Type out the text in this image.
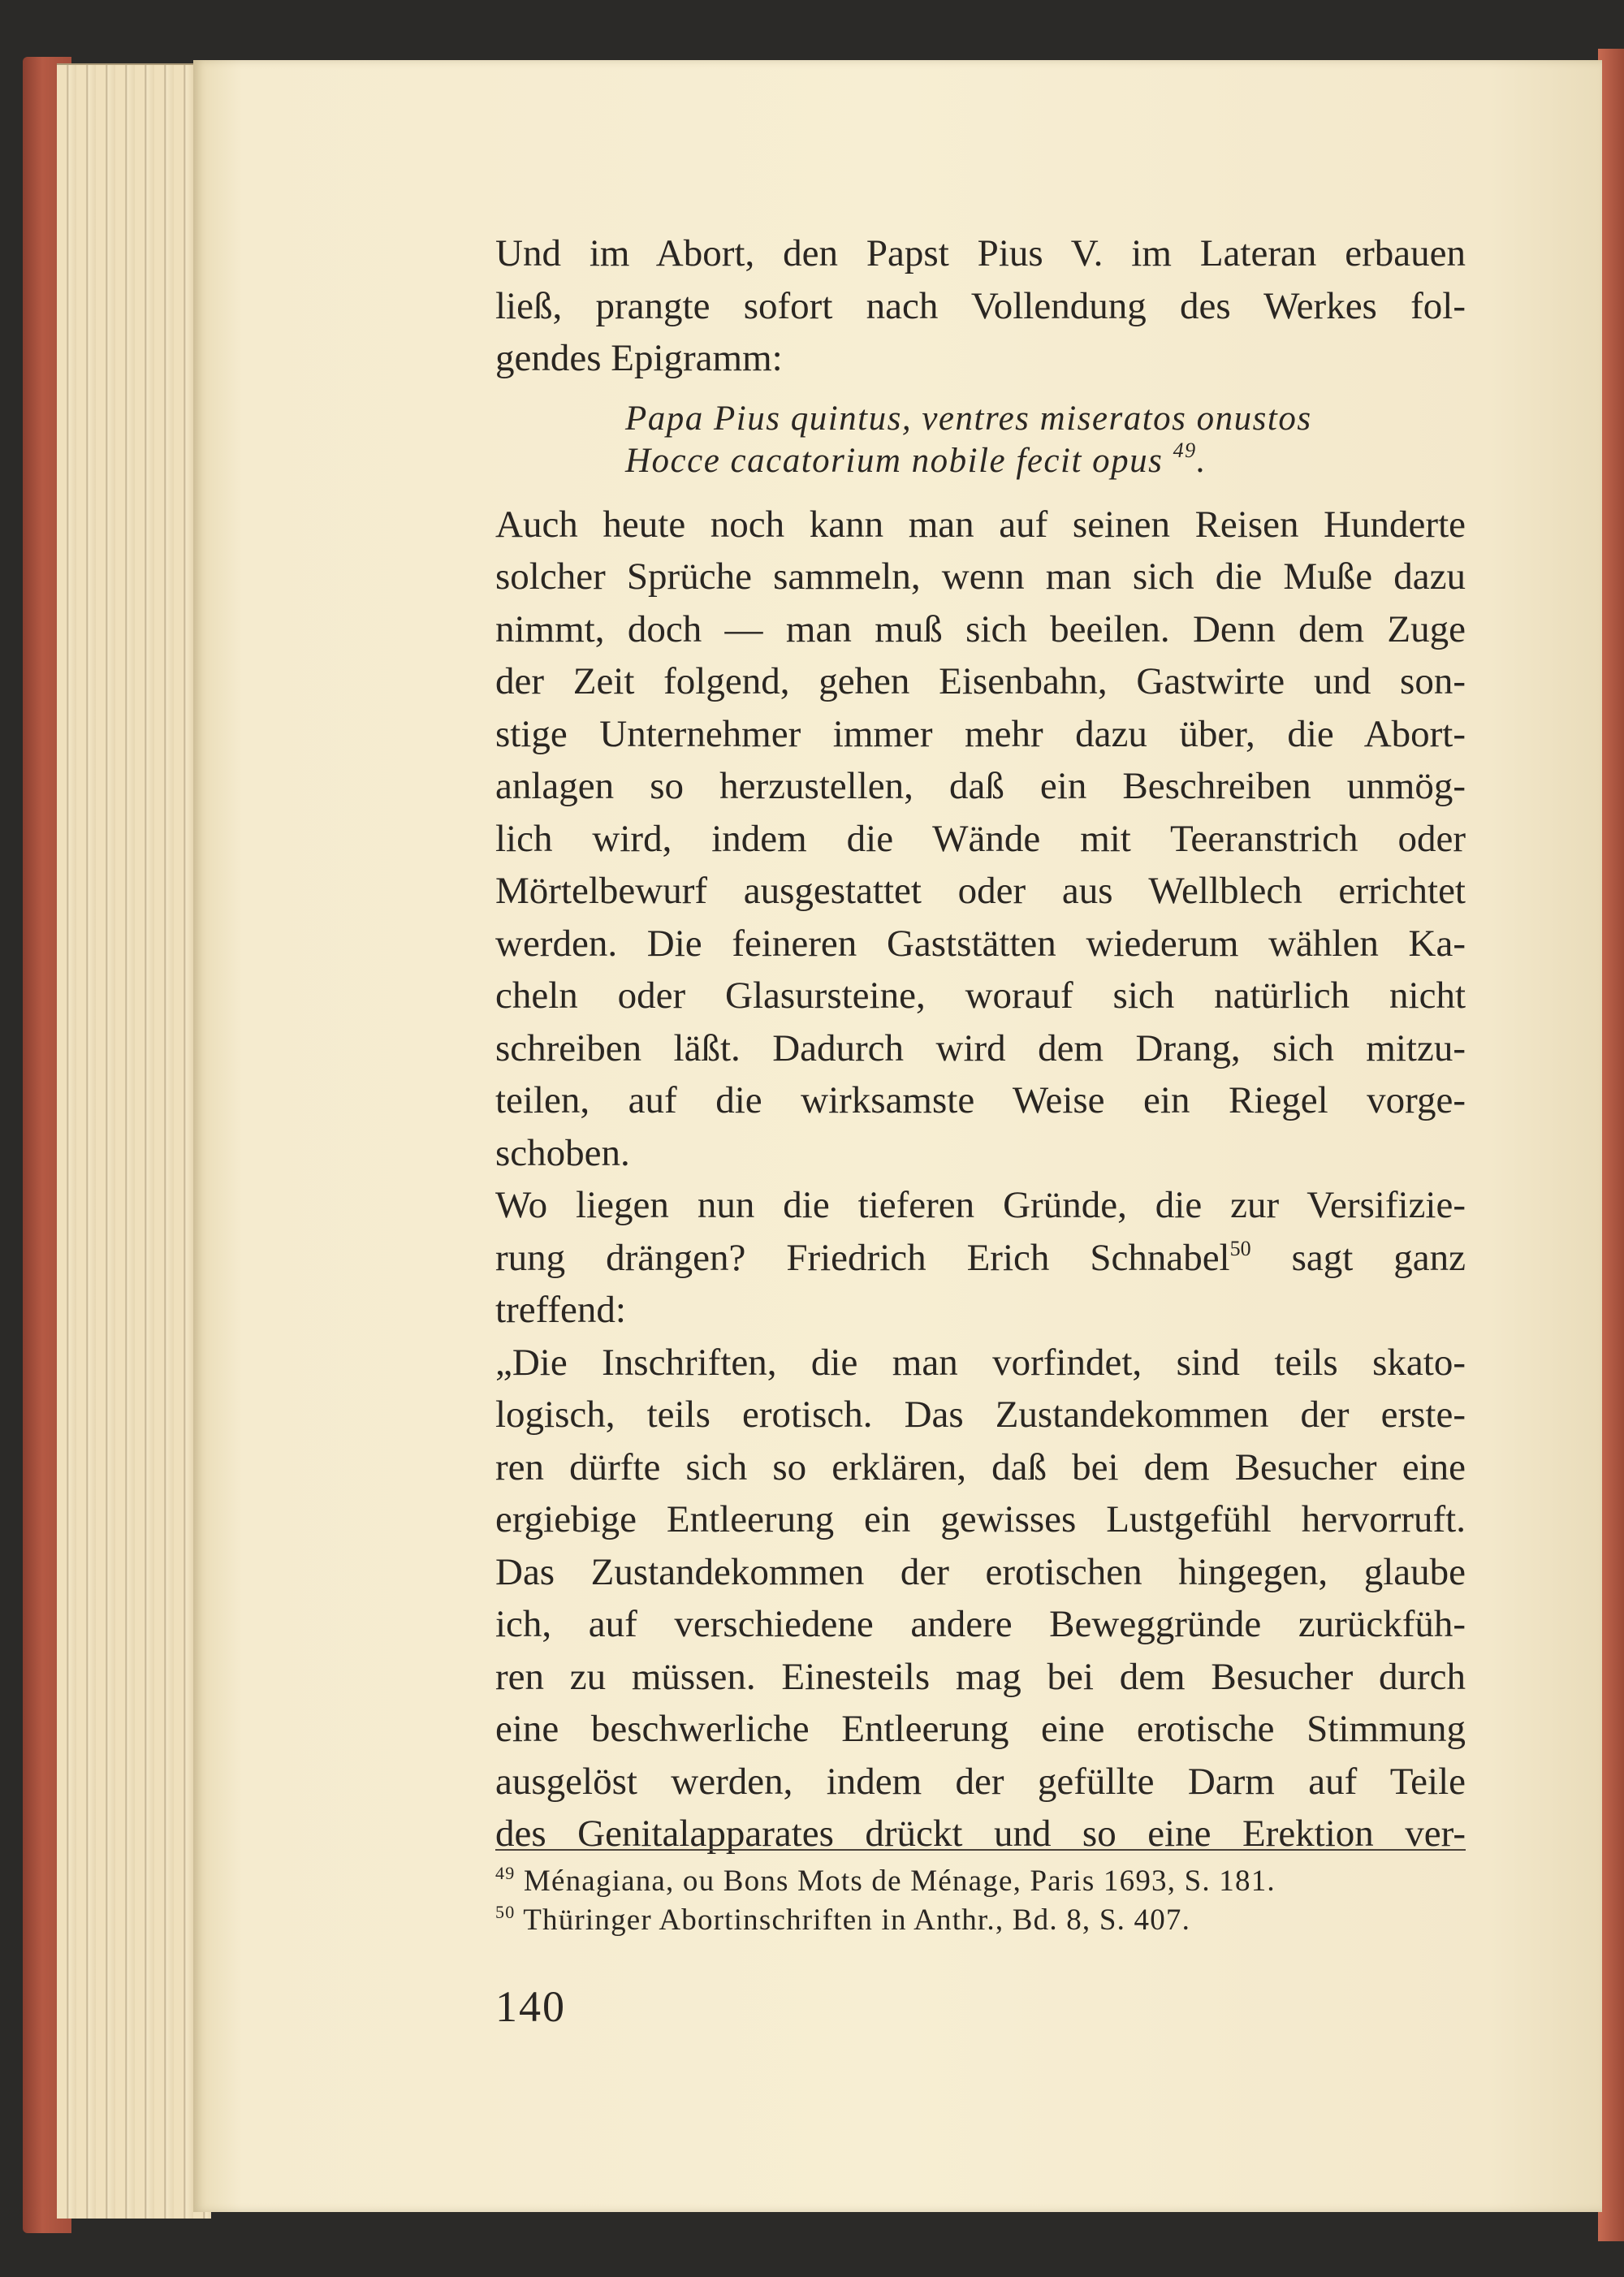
Und im Abort, den Papst Pius V. im Lateran erbauen
ließ, prangte sofort nach Vollendung des Werkes fol-
gendes Epigramm:

Papa Pius quintus, ventres miseratos onustos
Hocce cacatorium nobile fecit opus $^{49}$.

Auch heute noch kann man auf seinen Reisen Hunderte
solcher Sprüche sammeln, wenn man sich die Muße dazu
nimmt, doch — man muß sich beeilen. Denn dem Zuge
der Zeit folgend, gehen Eisenbahn, Gastwirte und son-
stige Unternehmer immer mehr dazu über, die Abort-
anlagen so herzustellen, daß ein Beschreiben unmög-
lich wird, indem die Wände mit Teeranstrich oder
Mörtelbewurf ausgestattet oder aus Wellblech errichtet
werden. Die feineren Gaststätten wiederum wählen Ka-
cheln oder Glasursteine, worauf sich natürlich nicht
schreiben läßt. Dadurch wird dem Drang, sich mitzu-
teilen, auf die wirksamste Weise ein Riegel vorge-
schoben.

Wo liegen nun die tieferen Gründe, die zur Versifizie-
rung drängen? Friedrich Erich Schnabel$^{50}$ sagt ganz
treffend:

„Die Inschriften, die man vorfindet, sind teils skato-
logisch, teils erotisch. Das Zustandekommen der erste-
ren dürfte sich so erklären, daß bei dem Besucher eine
ergiebige Entleerung ein gewisses Lustgefühl hervorruft.
Das Zustandekommen der erotischen hingegen, glaube
ich, auf verschiedene andere Beweggründe zurückfüh-
ren zu müssen. Einesteils mag bei dem Besucher durch
eine beschwerliche Entleerung eine erotische Stimmung
ausgelöst werden, indem der gefüllte Darm auf Teile
des Genitalapparates drückt und so eine Erektion ver-

$^{49}$ Ménagiana, ou Bons Mots de Ménage, Paris 1693, S. 181.
$^{50}$ Thüringer Abortinschriften in Anthr., Bd. 8, S. 407.
140
